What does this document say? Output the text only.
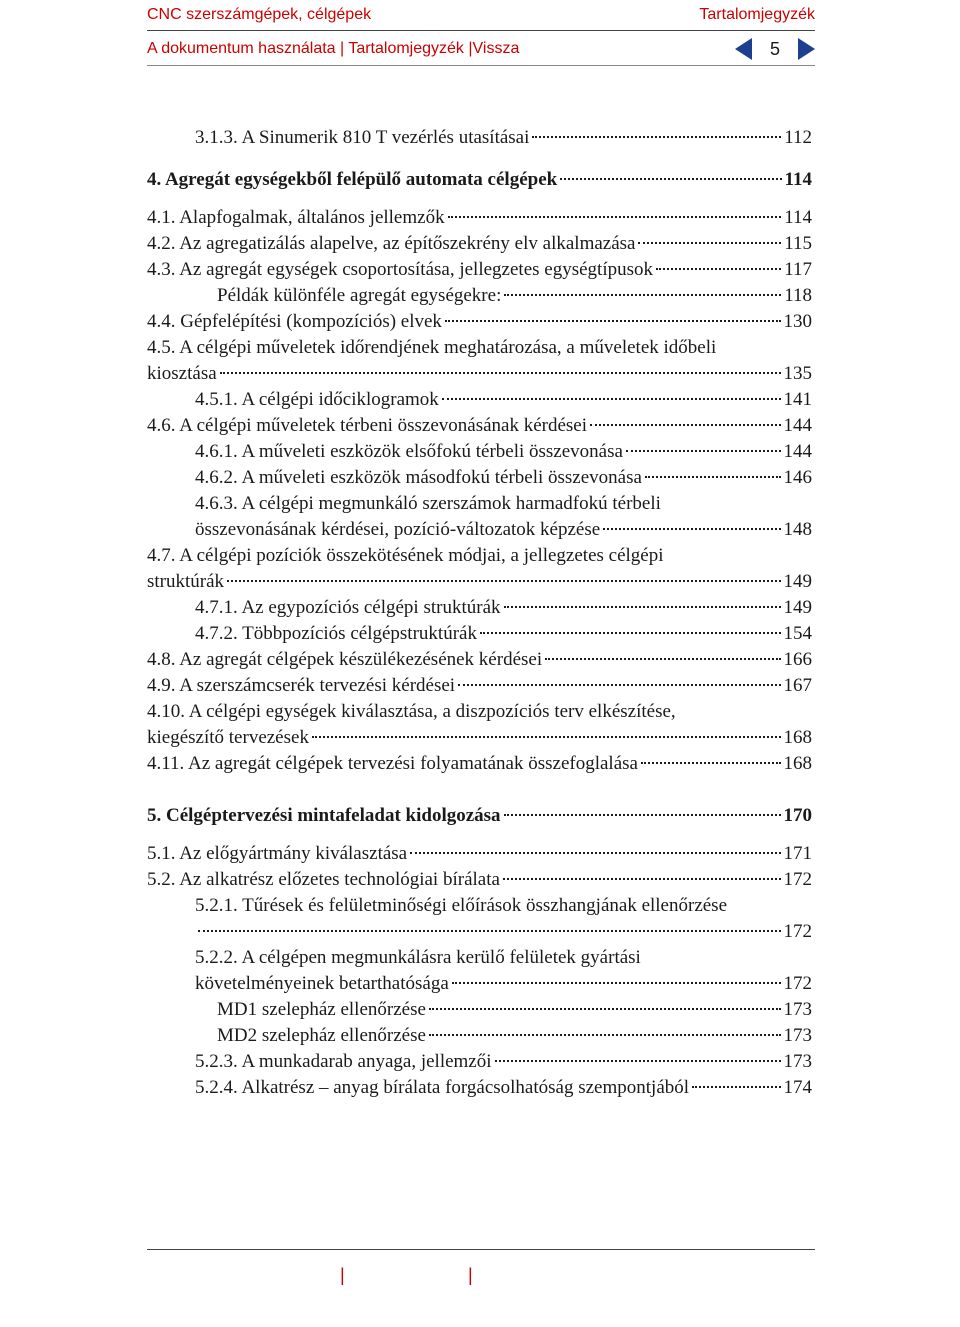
CNC szerszámgépek, célgépek	Tartalomjegyzék
A dokumentum használata | Tartalomjegyzék |Vissza	5
3.1.3. A Sinumerik 810 T vezérlés utasításai	112
4. Agregát egységekből felépülő automata célgépek	114
4.1. Alapfogalmak, általános jellemzők	114
4.2. Az agregatizálás alapelve, az építőszekrény elv alkalmazása	115
4.3. Az agregát egységek csoportosítása, jellegzetes egységtípusok	117
Példák különféle agregát egységekre:	118
4.4. Gépfelépítési (kompozíciós) elvek	130
4.5. A célgépi műveletek időrendjének meghatározása, a műveletek időbeli
kiosztása	135
4.5.1. A célgépi időciklogramok	141
4.6. A célgépi műveletek térbeni összevonásának kérdései	144
4.6.1. A műveleti eszközök elsőfokú térbeli összevonása	144
4.6.2. A műveleti eszközök másodfokú térbeli összevonása	146
4.6.3. A célgépi megmunkáló szerszámok harmadfokú térbeli
összevonásának kérdései, pozíció-változatok képzése	148
4.7. A célgépi pozíciók összekötésének módjai, a jellegzetes célgépi
struktúrák	149
4.7.1. Az egypozíciós célgépi struktúrák	149
4.7.2. Többpozíciós célgépstruktúrák	154
4.8. Az agregát célgépek készülékezésének kérdései	166
4.9. A szerszámcserék tervezési kérdései	167
4.10. A célgépi egységek kiválasztása, a diszpozíciós terv elkészítése,
kiegészítő tervezések	168
4.11. Az agregát célgépek tervezési folyamatának összefoglalása	168
5. Célgéptervezési mintafeladat kidolgozása	170
5.1. Az előgyártmány kiválasztása	171
5.2. Az alkatrész előzetes technológiai bírálata	172
5.2.1. Tűrések és felületminőségi előírások összhangjának ellenőrzése
172
5.2.2. A célgépen megmunkálásra kerülő felületek gyártási
követelményeinek betarthatósága	172
MD1 szelepház ellenőrzése	173
MD2 szelepház ellenőrzése	173
5.2.3. A munkadarab anyaga, jellemzői	173
5.2.4. Alkatrész – anyag bírálata forgácsolhatóság szempontjából	174
|	|
